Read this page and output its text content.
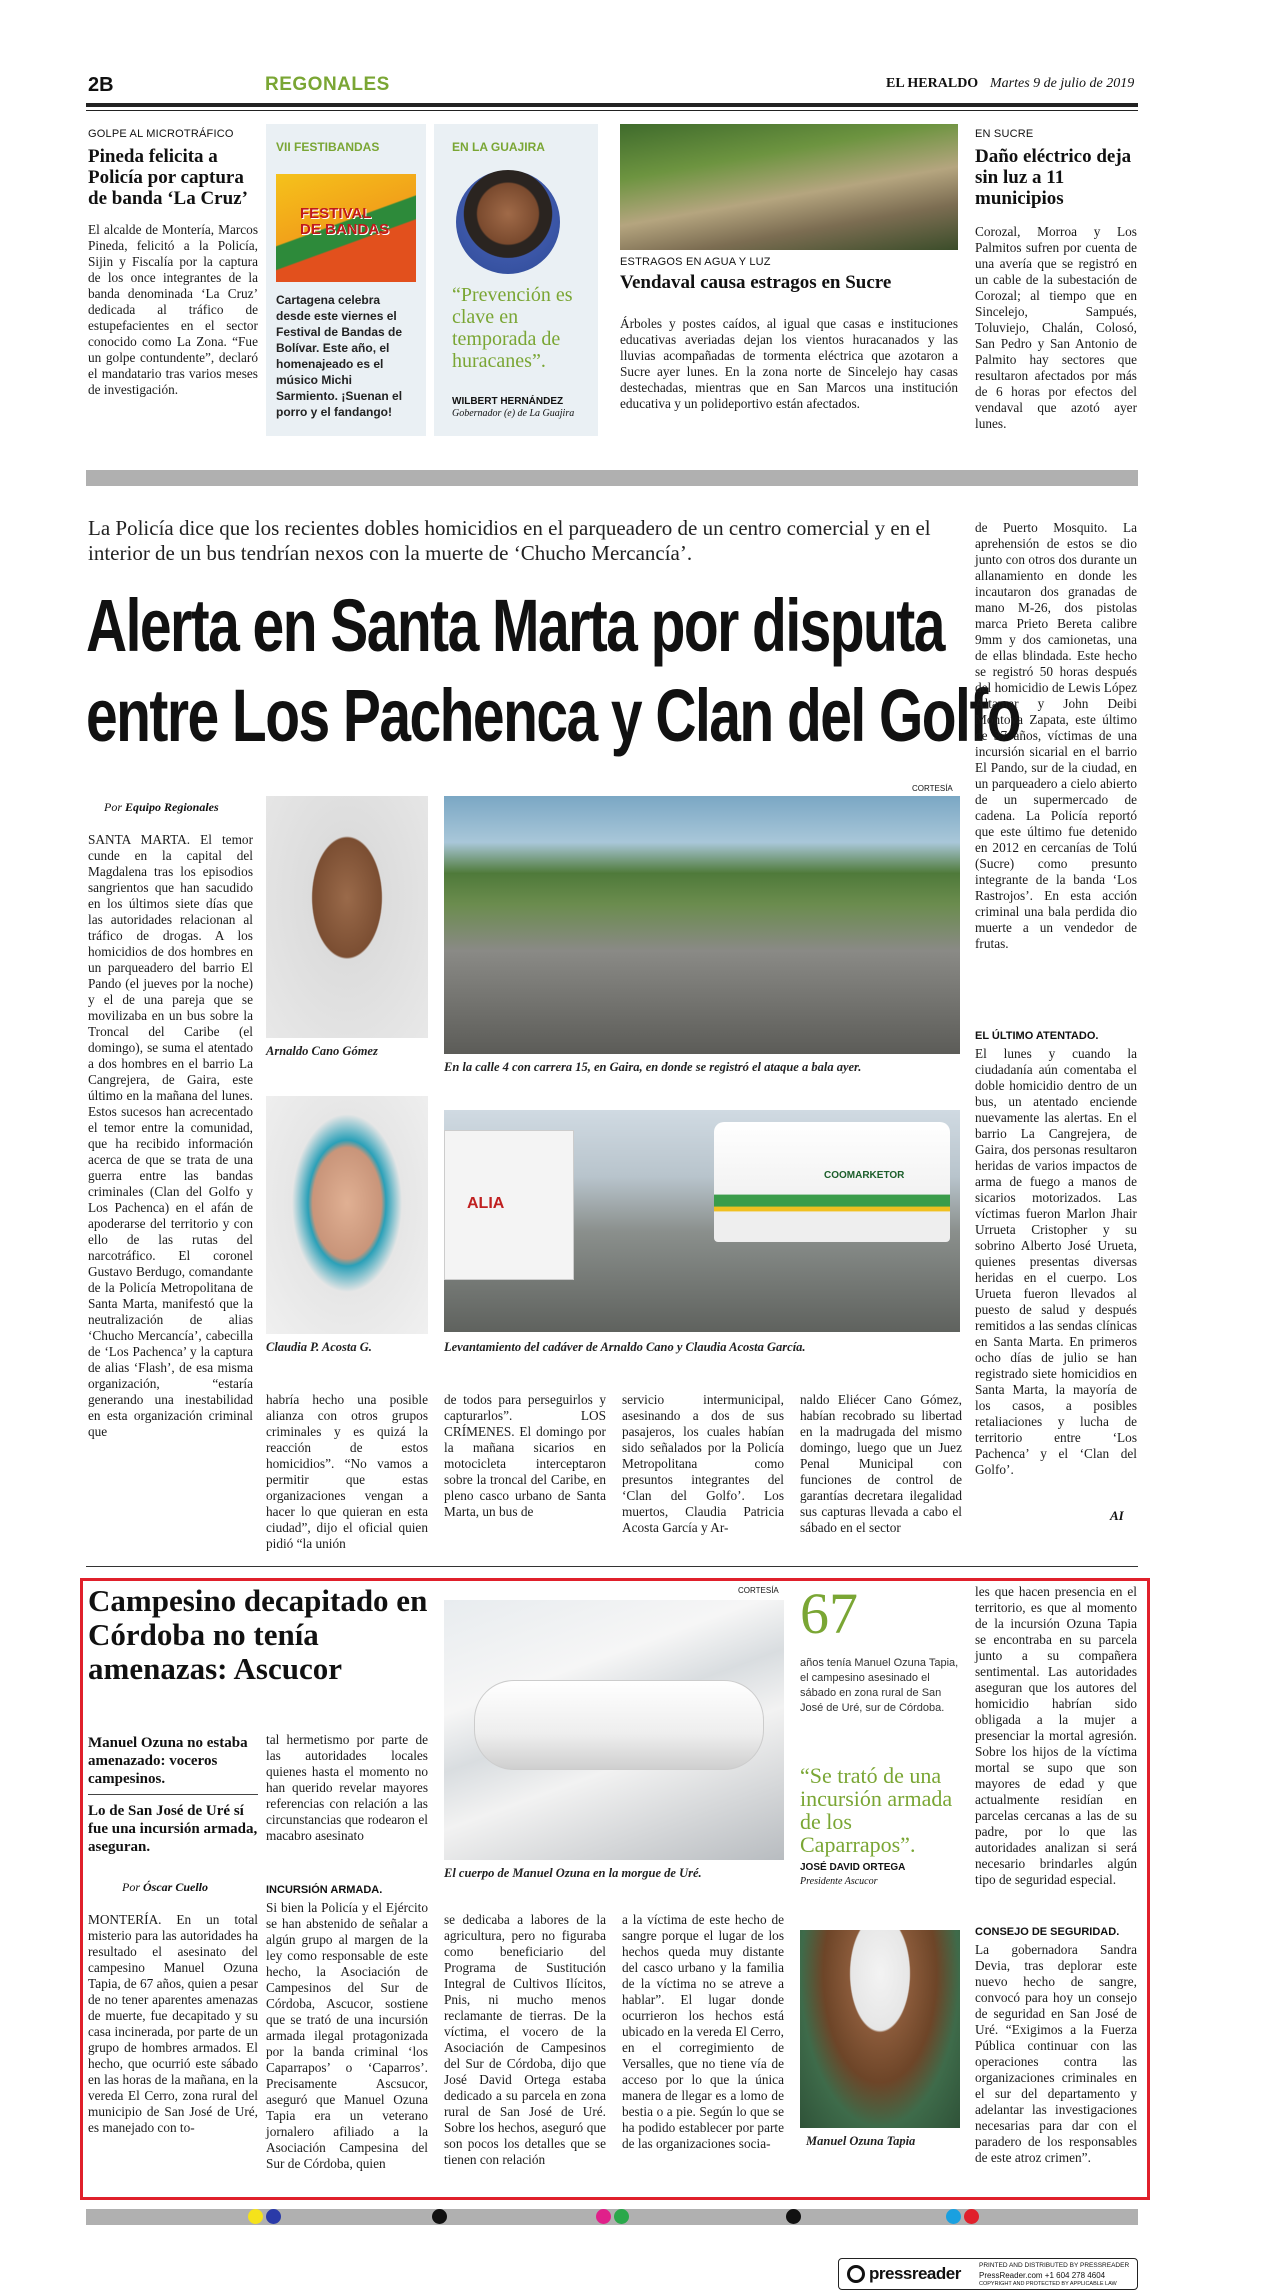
2B	REGONALES	EL HERALDO Martes 9 de julio de 2019
GOLPE AL MICROTRÁFICO
Pineda felicita a Policía por captura de banda ‘La Cruz’
El alcalde de Montería, Marcos Pineda, felicitó a la Policía, Sijin y Fiscalía por la captura de los once integrantes de la banda denominada ‘La Cruz’ dedicada al tráfico de estupefacientes en el sector conocido como La Zona. “Fue un golpe contundente”, declaró el mandatario tras varios meses de investigación.
VII FESTIBANDAS
FESTIVAL
DE BANDAS
Cartagena celebra desde este viernes el Festival de Bandas de Bolívar. Este año, el homenajeado es el músico Michi Sarmiento. ¡Suenan el porro y el fandango!
EN LA GUAJIRA
“Prevención es clave en temporada de huracanes”.
WILBERT HERNÁNDEZ
Gobernador (e) de La Guajira
ESTRAGOS EN AGUA Y LUZ
Vendaval causa estragos en Sucre
Árboles y postes caídos, al igual que casas e instituciones educativas averiadas dejan los vientos huracanados y las lluvias acompañadas de tormenta eléctrica que azotaron a Sucre ayer lunes. En la zona norte de Sincelejo hay casas destechadas, mientras que en San Marcos una institución educativa y un polideportivo están afectados.
EN SUCRE
Daño eléctrico deja sin luz a 11 municipios
Corozal, Morroa y Los Palmitos sufren por cuenta de una avería que se registró en un cable de la subestación de Corozal; al tiempo que en Sincelejo, Sampués, Toluviejo, Chalán, Colosó, San Pedro y San Antonio de Palmito hay sectores que resultaron afectados por más de 6 horas por efectos del vendaval que azotó ayer lunes.
La Policía dice que los recientes dobles homicidios en el parqueadero de un centro comercial y en el interior de un bus tendrían nexos con la muerte de ‘Chucho Mercancía’.
Alerta en Santa Marta por disputa
entre Los Pachenca y Clan del Golfo
de Puerto Mosquito. La aprehensión de estos se dio junto con otros dos durante un allanamiento en donde les incautaron dos granadas de mano M-26, dos pistolas marca Prieto Bereta calibre 9mm y dos camionetas, una de ellas blindada. Este hecho se registró 50 horas después del homicidio de Lewis López Altamar y John Deibi Montoya Zapata, este último de 37 años, víctimas de una incursión sicarial en el barrio El Pando, sur de la ciudad, en un parqueadero a cielo abierto de un supermercado de cadena. La Policía reportó que este último fue detenido en 2012 en cercanías de Tolú (Sucre) como presunto integrante de la banda ‘Los Rastrojos’. En esta acción criminal una bala perdida dio muerte a un vendedor de frutas.
EL ÚLTIMO ATENTADO.
El lunes y cuando la ciudadanía aún comentaba el doble homicidio dentro de un bus, un atentado enciende nuevamente las alertas. En el barrio La Cangrejera, de Gaira, dos personas resultaron heridas de varios impactos de arma de fuego a manos de sicarios motorizados. Las víctimas fueron Marlon Jhair Urrueta Cristopher y su sobrino Alberto José Urueta, quienes presentas diversas heridas en el cuerpo. Los Urueta fueron llevados al puesto de salud y después remitidos a las sendas clínicas en Santa Marta. En primeros ocho días de julio se han registrado siete homicidios en Santa Marta, la mayoría de los casos, a posibles retaliaciones y lucha de territorio entre ‘Los Pachenca’ y el ‘Clan del Golfo’.
AI
Por Equipo Regionales
CORTESÍA
SANTA MARTA. El temor cunde en la capital del Magdalena tras los episodios sangrientos que han sacudido en los últimos siete días que las autoridades relacionan al tráfico de drogas. A los homicidios de dos hombres en un parqueadero del barrio El Pando (el jueves por la noche) y el de una pareja que se movilizaba en un bus sobre la Troncal del Caribe (el domingo), se suma el atentado a dos hombres en el barrio La Cangrejera, de Gaira, este último en la mañana del lunes. Estos sucesos han acrecentado el temor entre la comunidad, que ha recibido información acerca de que se trata de una guerra entre las bandas criminales (Clan del Golfo y Los Pachenca) en el afán de apoderarse del territorio y con ello de las rutas del narcotráfico. El coronel Gustavo Berdugo, comandante de la Policía Metropolitana de Santa Marta, manifestó que la neutralización de alias ‘Chucho Mercancía’, cabecilla de ‘Los Pachenca’ y la captura de alias ‘Flash’, de esa misma organización, “estaría generando una inestabilidad en esta organización criminal que
Arnaldo Cano Gómez
En la calle 4 con carrera 15, en Gaira, en donde se registró el ataque a bala ayer.
Claudia P. Acosta G.
COOMARKETOR
ALIA
Levantamiento del cadáver de Arnaldo Cano y Claudia Acosta García.
habría hecho una posible alianza con otros grupos criminales y es quizá la reacción de estos homicidios”. “No vamos a permitir que estas organizaciones vengan a hacer lo que quieran en esta ciudad”, dijo el oficial quien pidió “la unión
de todos para perseguirlos y capturarlos”. LOS CRÍMENES. El domingo por la mañana sicarios en motocicleta interceptaron sobre la troncal del Caribe, en pleno casco urbano de Santa Marta, un bus de
servicio intermunicipal, asesinando a dos de sus pasajeros, los cuales habían sido señalados por la Policía Metropolitana como presuntos integrantes del ‘Clan del Golfo’. Los muertos, Claudia Patricia Acosta García y Ar-
naldo Eliécer Cano Gómez, habían recobrado su libertad en la madrugada del mismo domingo, luego que un Juez Penal Municipal con funciones de control de garantías decretara ilegalidad sus capturas llevada a cabo el sábado en el sector
Campesino decapitado en Córdoba no tenía amenazas: Ascucor
Manuel Ozuna no estaba amenazado: voceros campesinos.
Lo de San José de Uré sí fue una incursión armada, aseguran.
Por Óscar Cuello
MONTERÍA. En un total misterio para las autoridades ha resultado el asesinato del campesino Manuel Ozuna Tapia, de 67 años, quien a pesar de no tener aparentes amenazas de muerte, fue decapitado y su casa incinerada, por parte de un grupo de hombres armados. El hecho, que ocurrió este sábado en las horas de la mañana, en la vereda El Cerro, zona rural del municipio de San José de Uré, es manejado con to-
tal hermetismo por parte de las autoridades locales quienes hasta el momento no han querido revelar mayores referencias con relación a las circunstancias que rodearon el macabro asesinato
INCURSIÓN ARMADA.
Si bien la Policía y el Ejército se han abstenido de señalar a algún grupo al margen de la ley como responsable de este hecho, la Asociación de Campesinos del Sur de Córdoba, Ascucor, sostiene que se trató de una incursión armada ilegal protagonizada por la banda criminal ‘los Caparrapos’ o ‘Caparros’. Precisamente Ascsucor, aseguró que Manuel Ozuna Tapia era un veterano jornalero afiliado a la Asociación Campesina del Sur de Córdoba, quien
CORTESÍA
El cuerpo de Manuel Ozuna en la morgue de Uré.
se dedicaba a labores de la agricultura, pero no figuraba como beneficiario del Programa de Sustitución Integral de Cultivos Ilícitos, Pnis, ni mucho menos reclamante de tierras. De la víctima, el vocero de la Asociación de Campesinos del Sur de Córdoba, dijo que José David Ortega estaba dedicado a su parcela en zona rural de San José de Uré. Sobre los hechos, aseguró que son pocos los detalles que se tienen con relación
a la víctima de este hecho de sangre porque el lugar de los hechos queda muy distante del casco urbano y la familia de la víctima no se atreve a hablar”. El lugar donde ocurrieron los hechos está ubicado en la vereda El Cerro, en el corregimiento de Versalles, que no tiene vía de acceso por lo que la única manera de llegar es a lomo de bestia o a pie. Según lo que se ha podido establecer por parte de las organizaciones socia-
67
años tenía Manuel Ozuna Tapia, el campesino asesinado el sábado en zona rural de San José de Uré, sur de Córdoba.
“Se trató de una incursión armada de los Caparrapos”.
JOSÉ DAVID ORTEGA
Presidente Ascucor
Manuel Ozuna Tapia
les que hacen presencia en el territorio, es que al momento de la incursión Ozuna Tapia se encontraba en su parcela junto a su compañera sentimental. Las autoridades aseguran que los autores del homicidio habrían sido obligada a la mujer a presenciar la mortal agresión. Sobre los hijos de la víctima mortal se supo que son mayores de edad y que actualmente residían en parcelas cercanas a las de su padre, por lo que las autoridades analizan si será necesario brindarles algún tipo de seguridad especial.
CONSEJO DE SEGURIDAD.
La gobernadora Sandra Devia, tras deplorar este nuevo hecho de sangre, convocó para hoy un consejo de seguridad en San José de Uré. “Exigimos a la Fuerza Pública continuar con las operaciones contra las organizaciones criminales en el sur del departamento y adelantar las investigaciones necesarias para dar con el paradero de los responsables de este atroz crimen”.
pressreader	PRINTED AND DISTRIBUTED BY PRESSREADER
PressReader.com +1 604 278 4604
COPYRIGHT AND PROTECTED BY APPLICABLE LAW
